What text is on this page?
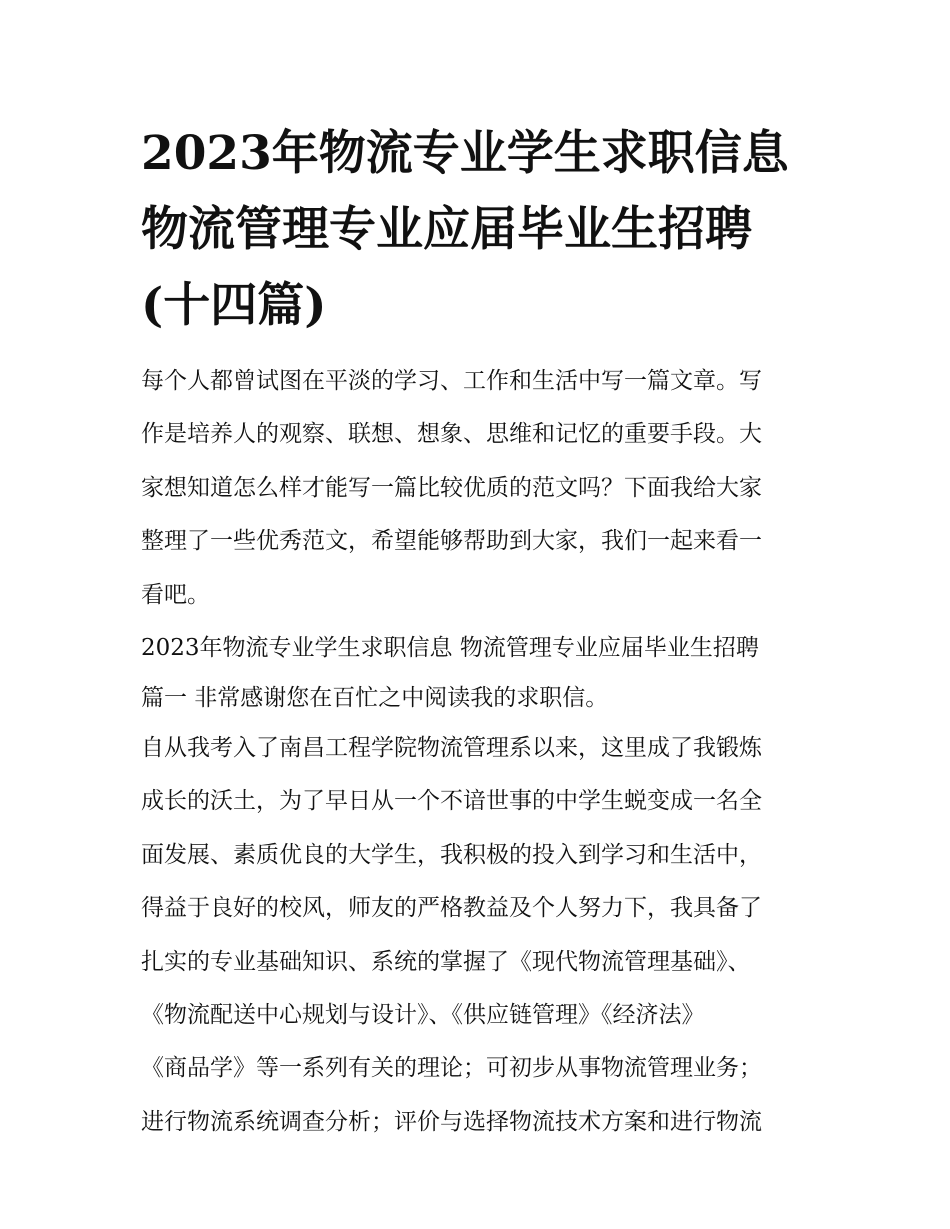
2023年物流专业学生求职信息
物流管理专业应届毕业生招聘
(十四篇)
每个人都曾试图在平淡的学习、工作和生活中写一篇文章。写
作是培养人的观察、联想、想象、思维和记忆的重要手段。大
家想知道怎么样才能写一篇比较优质的范文吗？下面我给大家
整理了一些优秀范文，希望能够帮助到大家，我们一起来看一
看吧。
2023年物流专业学生求职信息 物流管理专业应届毕业生招聘
篇一 非常感谢您在百忙之中阅读我的求职信。
自从我考入了南昌工程学院物流管理系以来，这里成了我锻炼
成长的沃土，为了早日从一个不谙世事的中学生蜕变成一名全
面发展、素质优良的大学生，我积极的投入到学习和生活中，
得益于良好的校风，师友的严格教益及个人努力下，我具备了
扎实的专业基础知识、系统的掌握了《现代物流管理基础》、
《物流配送中心规划与设计》、《供应链管理》《经济法》
《商品学》等一系列有关的理论；可初步从事物流管理业务；
进行物流系统调查分析；评价与选择物流技术方案和进行物流
